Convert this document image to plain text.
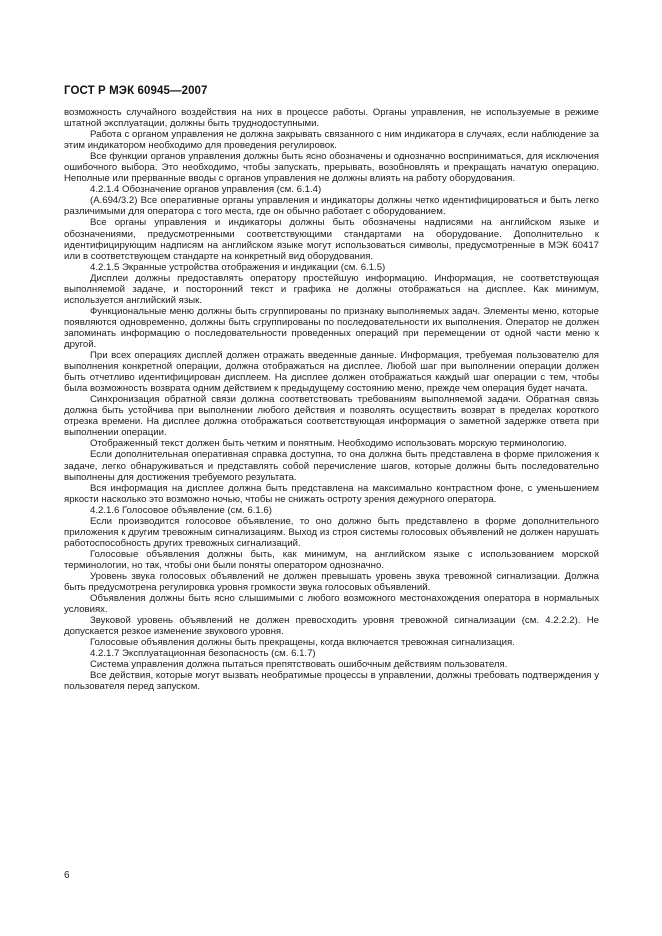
ГОСТ Р МЭК 60945—2007

возможность случайного воздействия на них в процессе работы. Органы управления, не используемые в режиме штатной эксплуатации, должны быть труднодоступными.

Работа с органом управления не должна закрывать связанного с ним индикатора в случаях, если наблюдение за этим индикатором необходимо для проведения регулировок.

Все функции органов управления должны быть ясно обозначены и однозначно восприниматься, для исключения ошибочного выбора. Это необходимо, чтобы запускать, прерывать, возобновлять и прекращать начатую операцию. Неполные или прерванные вводы с органов управления не должны влиять на работу оборудования.

4.2.1.4 Обозначение органов управления (см. 6.1.4)

(А.694/3.2) Все оперативные органы управления и индикаторы должны четко идентифицироваться и быть легко различимыми для оператора с того места, где он обычно работает с оборудованием.

Все органы управления и индикаторы должны быть обозначены надписями на английском языке и обозначениями, предусмотренными соответствующими стандартами на оборудование. Дополнительно к идентифицирующим надписям на английском языке могут использоваться символы, предусмотренные в МЭК 60417 или в соответствующем стандарте на конкретный вид оборудования.

4.2.1.5 Экранные устройства отображения и индикации (см. 6.1.5)

Дисплеи должны предоставлять оператору простейшую информацию. Информация, не соответствующая выполняемой задаче, и посторонний текст и графика не должны отображаться на дисплее. Как минимум, используется английский язык.

Функциональные меню должны быть сгруппированы по признаку выполняемых задач. Элементы меню, которые появляются одновременно, должны быть сгруппированы по последовательности их выполнения. Оператор не должен запоминать информацию о последовательности проведенных операций при перемещении от одной части меню к другой.

При всех операциях дисплей должен отражать введенные данные. Информация, требуемая пользователю для выполнения конкретной операции, должна отображаться на дисплее. Любой шаг при выполнении операции должен быть отчетливо идентифицирован дисплеем. На дисплее должен отображаться каждый шаг операции с тем, чтобы была возможность возврата одним действием к предыдущему состоянию меню, прежде чем операция будет начата.

Синхронизация обратной связи должна соответствовать требованиям выполняемой задачи. Обратная связь должна быть устойчива при выполнении любого действия и позволять осуществить возврат в пределах короткого отрезка времени. На дисплее должна отображаться соответствующая информация о заметной задержке ответа при выполнении операции.

Отображенный текст должен быть четким и понятным. Необходимо использовать морскую терминологию.

Если дополнительная оперативная справка доступна, то она должна быть представлена в форме приложения к задаче, легко обнаруживаться и представлять собой перечисление шагов, которые должны быть последовательно выполнены для достижения требуемого результата.

Вся информация на дисплее должна быть представлена на максимально контрастном фоне, с уменьшением яркости насколько это возможно ночью, чтобы не снижать остроту зрения дежурного оператора.

4.2.1.6 Голосовое объявление (см. 6.1.6)

Если производится голосовое объявление, то оно должно быть представлено в форме дополнительного приложения к другим тревожным сигнализациям. Выход из строя системы голосовых объявлений не должен нарушать работоспособность других тревожных сигнализаций.

Голосовые объявления должны быть, как минимум, на английском языке с использованием морской терминологии, но так, чтобы они были поняты оператором однозначно.

Уровень звука голосовых объявлений не должен превышать уровень звука тревожной сигнализации. Должна быть предусмотрена регулировка уровня громкости звука голосовых объявлений.

Объявления должны быть ясно слышимыми с любого возможного местонахождения оператора в нормальных условиях.

Звуковой уровень объявлений не должен превосходить уровня тревожной сигнализации (см. 4.2.2.2). Не допускается резкое изменение звукового уровня.

Голосовые объявления должны быть прекращены, когда включается тревожная сигнализация.

4.2.1.7 Эксплуатационная безопасность (см. 6.1.7)

Система управления должна пытаться препятствовать ошибочным действиям пользователя.

Все действия, которые могут вызвать необратимые процессы в управлении, должны требовать подтверждения у пользователя перед запуском.

6
